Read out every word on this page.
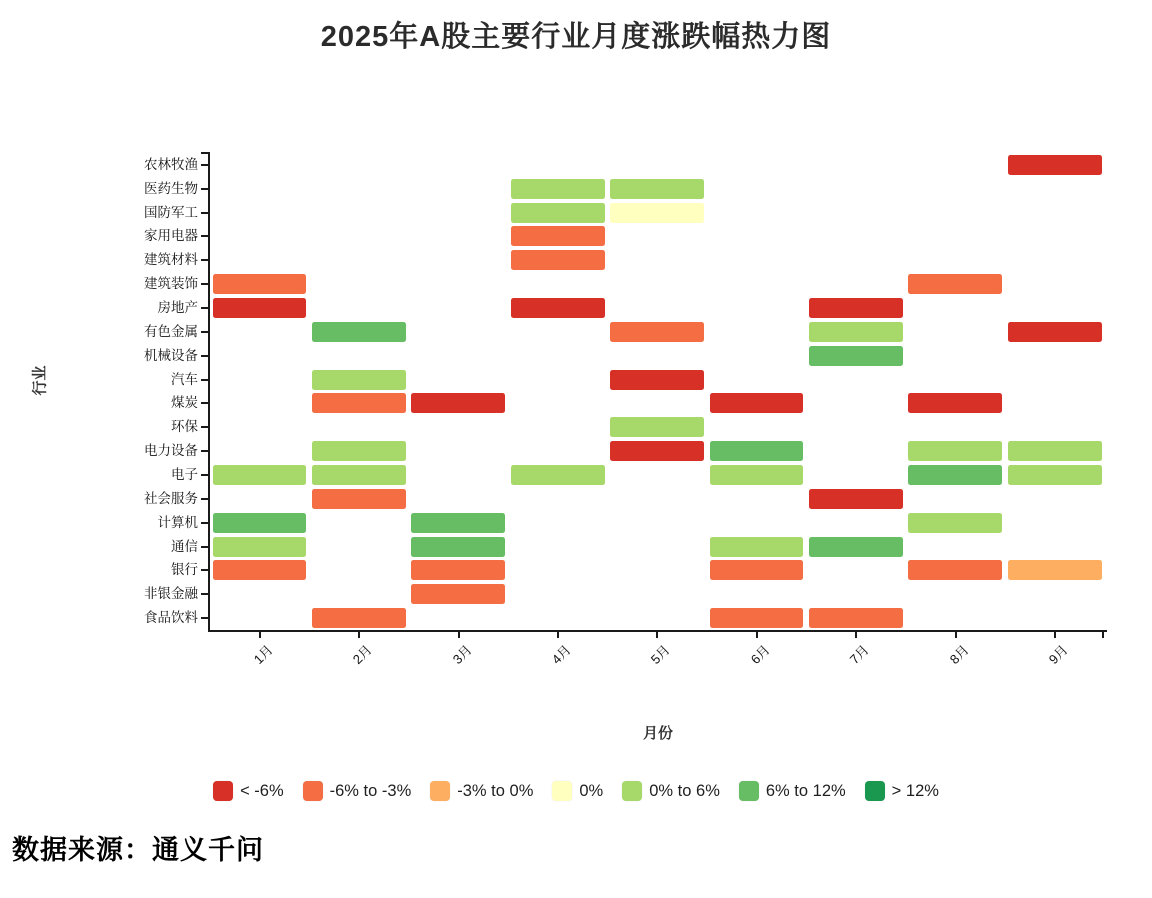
2025年A股主要行业月度涨跌幅热力图
农林牧渔
医药生物
国防军工
家用电器
建筑材料
建筑装饰
房地产
有色金属
机械设备
汽车
煤炭
环保
电力设备
电子
社会服务
计算机
通信
银行
非银金融
食品饮料
1月	2月	3月	4月	5月	6月	7月	8月	9月
月份
行业
< -6%	-6% to -3%	-3% to 0%	0%	0% to 6%	6% to 12%	> 12%
数据来源：通义千问
